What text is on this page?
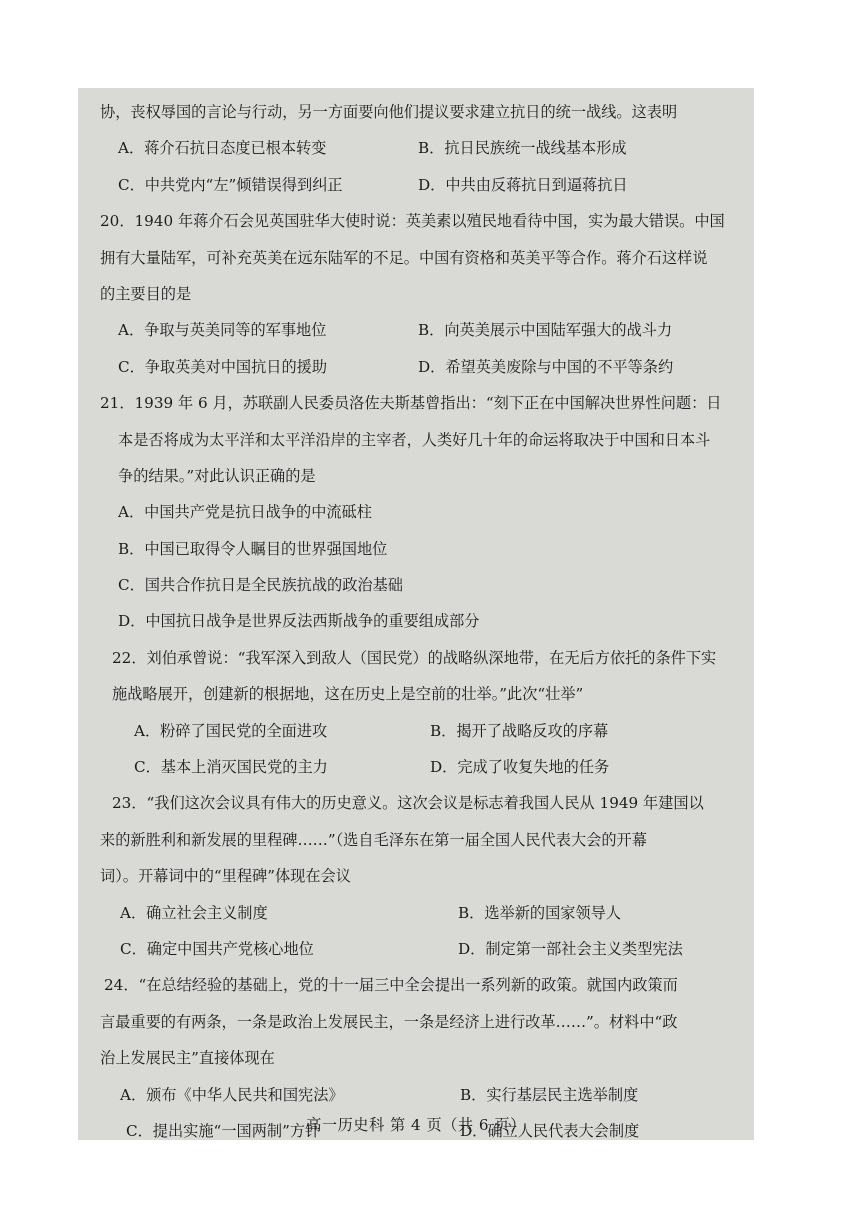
协，丧权辱国的言论与行动，另一方面要向他们提议要求建立抗日的统一战线。这表明
A．蒋介石抗日态度已根本转变	B．抗日民族统一战线基本形成
C．中共党内“左”倾错误得到纠正	D．中共由反蒋抗日到逼蒋抗日
20．1940 年蒋介石会见英国驻华大使时说：英美素以殖民地看待中国，实为最大错误。中国
拥有大量陆军，可补充英美在远东陆军的不足。中国有资格和英美平等合作。蒋介石这样说
的主要目的是
A．争取与英美同等的军事地位	B．向英美展示中国陆军强大的战斗力
C．争取英美对中国抗日的援助	D．希望英美废除与中国的不平等条约
21．1939 年 6 月，苏联副人民委员洛佐夫斯基曾指出：“刻下正在中国解决世界性问题：日
本是否将成为太平洋和太平洋沿岸的主宰者，人类好几十年的命运将取决于中国和日本斗
争的结果。”对此认识正确的是
A．中国共产党是抗日战争的中流砥柱
B．中国已取得令人瞩目的世界强国地位
C．国共合作抗日是全民族抗战的政治基础
D．中国抗日战争是世界反法西斯战争的重要组成部分
22．刘伯承曾说：“我军深入到敌人（国民党）的战略纵深地带，在无后方依托的条件下实
施战略展开，创建新的根据地，这在历史上是空前的壮举。”此次“壮举”
A．粉碎了国民党的全面进攻	B．揭开了战略反攻的序幕
C．基本上消灭国民党的主力	D．完成了收复失地的任务
23．“我们这次会议具有伟大的历史意义。这次会议是标志着我国人民从 1949 年建国以
来的新胜利和新发展的里程碑……”（选自毛泽东在第一届全国人民代表大会的开幕
词）。开幕词中的“里程碑”体现在会议
A．确立社会主义制度	B．选举新的国家领导人
C．确定中国共产党核心地位	D．制定第一部社会主义类型宪法
24．“在总结经验的基础上，党的十一届三中全会提出一系列新的政策。就国内政策而
言最重要的有两条，一条是政治上发展民主，一条是经济上进行改革……”。材料中“政
治上发展民主”直接体现在
A．颁布《中华人民共和国宪法》	B．实行基层民主选举制度
C．提出实施“一国两制”方针	D．确立人民代表大会制度
高一历史科 第 4 页（共 6 页）
